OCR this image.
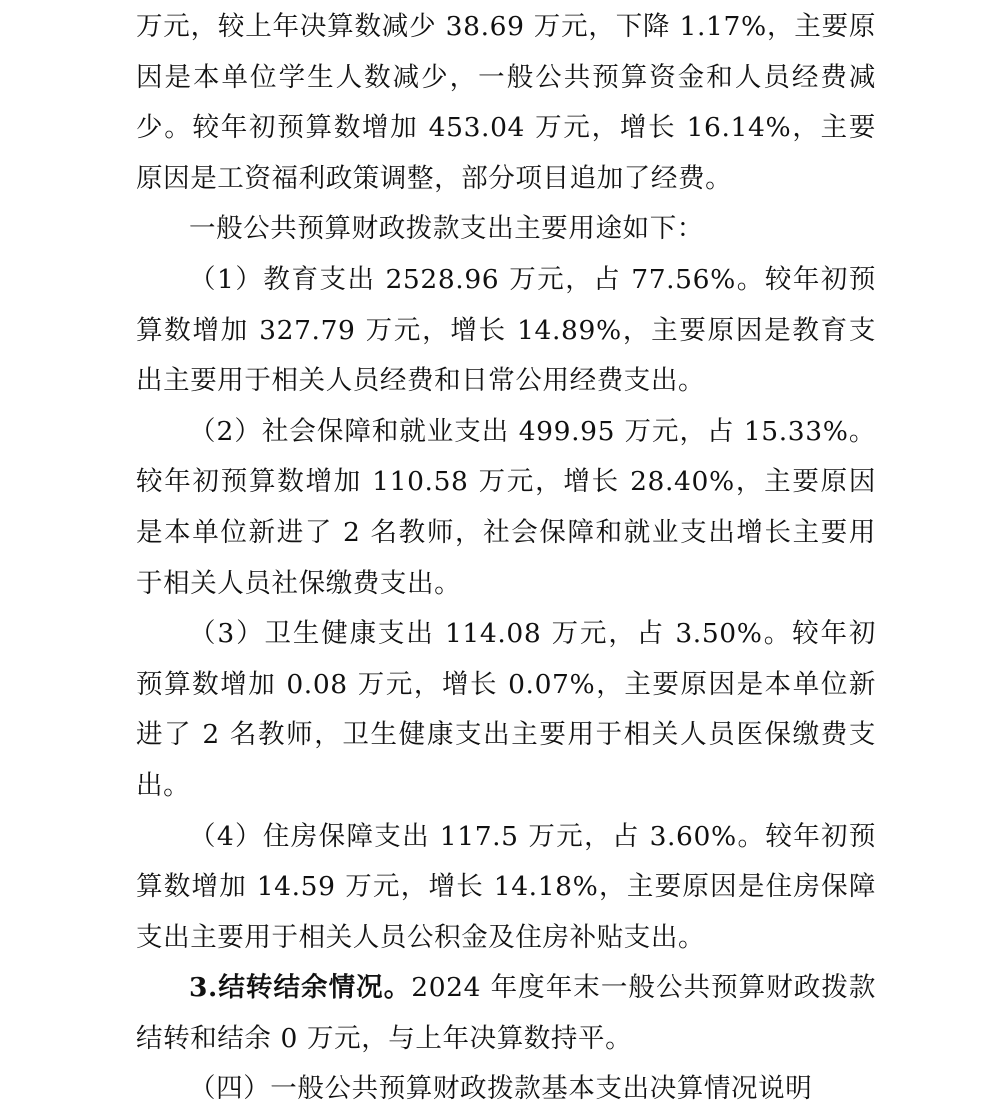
万元，较上年决算数减少 38.69 万元，下降 1.17%，主要原因是本单位学生人数减少，一般公共预算资金和人员经费减少。较年初预算数增加 453.04 万元，增长 16.14%，主要原因是工资福利政策调整，部分项目追加了经费。

一般公共预算财政拨款支出主要用途如下：

（1）教育支出 2528.96 万元，占 77.56%。较年初预算数增加 327.79 万元，增长 14.89%，主要原因是教育支出主要用于相关人员经费和日常公用经费支出。

（2）社会保障和就业支出 499.95 万元，占 15.33%。较年初预算数增加 110.58 万元，增长 28.40%，主要原因是本单位新进了 2 名教师，社会保障和就业支出增长主要用于相关人员社保缴费支出。

（3）卫生健康支出 114.08 万元，占 3.50%。较年初预算数增加 0.08 万元，增长 0.07%，主要原因是本单位新进了 2 名教师，卫生健康支出主要用于相关人员医保缴费支出。

（4）住房保障支出 117.5 万元，占 3.60%。较年初预算数增加 14.59 万元，增长 14.18%，主要原因是住房保障支出主要用于相关人员公积金及住房补贴支出。

3.结转结余情况。2024 年度年末一般公共预算财政拨款结转和结余 0 万元，与上年决算数持平。

（四）一般公共预算财政拨款基本支出决算情况说明
